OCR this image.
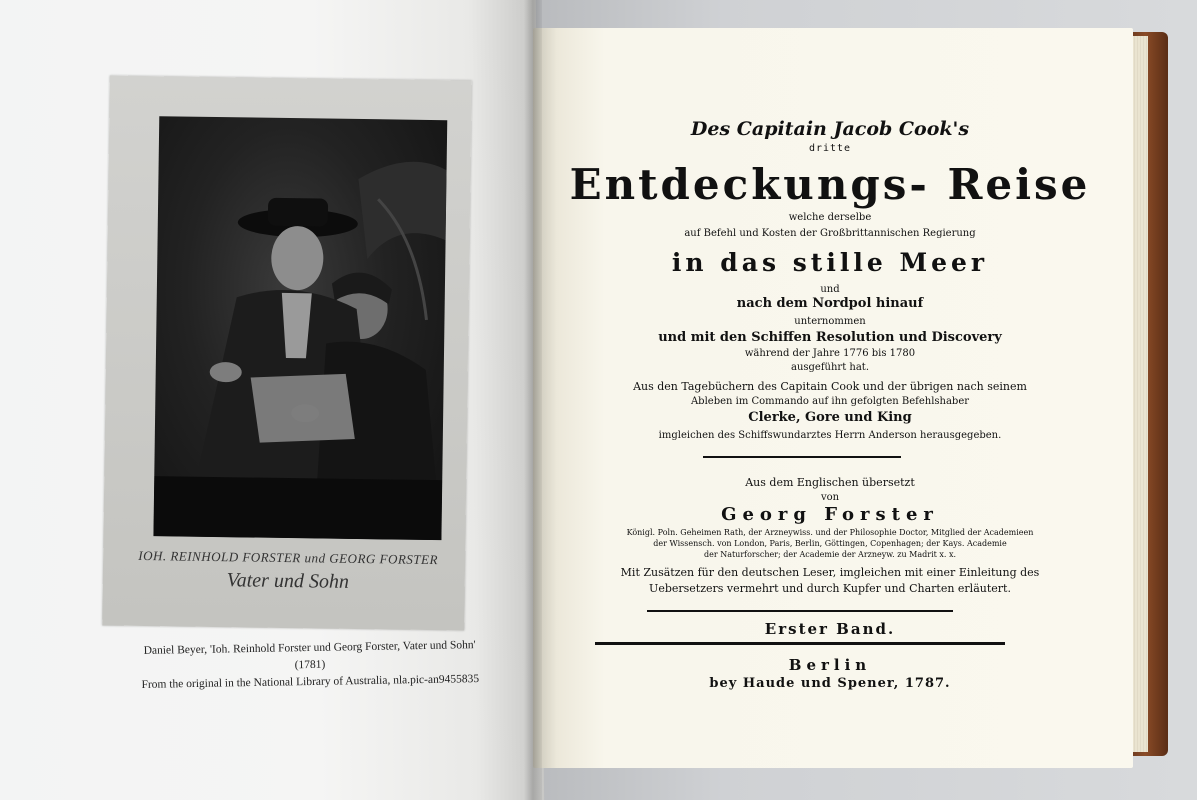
IOH. REINHOLD FORSTER und GEORG FORSTER
Vater und Sohn
Daniel Beyer, 'Ioh. Reinhold Forster und Georg Forster, Vater und Sohn' (1781)
From the original in the National Library of Australia, nla.pic-an9455835
Des Capitain Jacob Cook's
dritte
Entdeckungs- Reise
welche derselbe
auf Befehl und Kosten der Großbrittannischen Regierung
in das stille Meer
und
nach dem Nordpol hinauf
unternommen
und mit den Schiffen Resolution und Discovery
während der Jahre 1776 bis 1780
ausgeführt hat.
Aus den Tagebüchern des Capitain Cook und der übrigen nach seinem
Ableben im Commando auf ihn gefolgten Befehlshaber
Clerke, Gore und King
imgleichen des Schiffswundarztes Herrn Anderson herausgegeben.
Aus dem Englischen übersetzt
von
Georg Forster
Königl. Poln. Geheimen Rath, der Arzneywiss. und der Philosophie Doctor, Mitglied der Academieen
der Wissensch. von London, Paris, Berlin, Göttingen, Copenhagen; der Kays. Academie
der Naturforscher; der Academie der Arzneyw. zu Madrit x. x.
Mit Zusätzen für den deutschen Leser, imgleichen mit einer Einleitung des
Uebersetzers vermehrt und durch Kupfer und Charten erläutert.
Erster Band.
Berlin
bey Haude und Spener, 1787.
